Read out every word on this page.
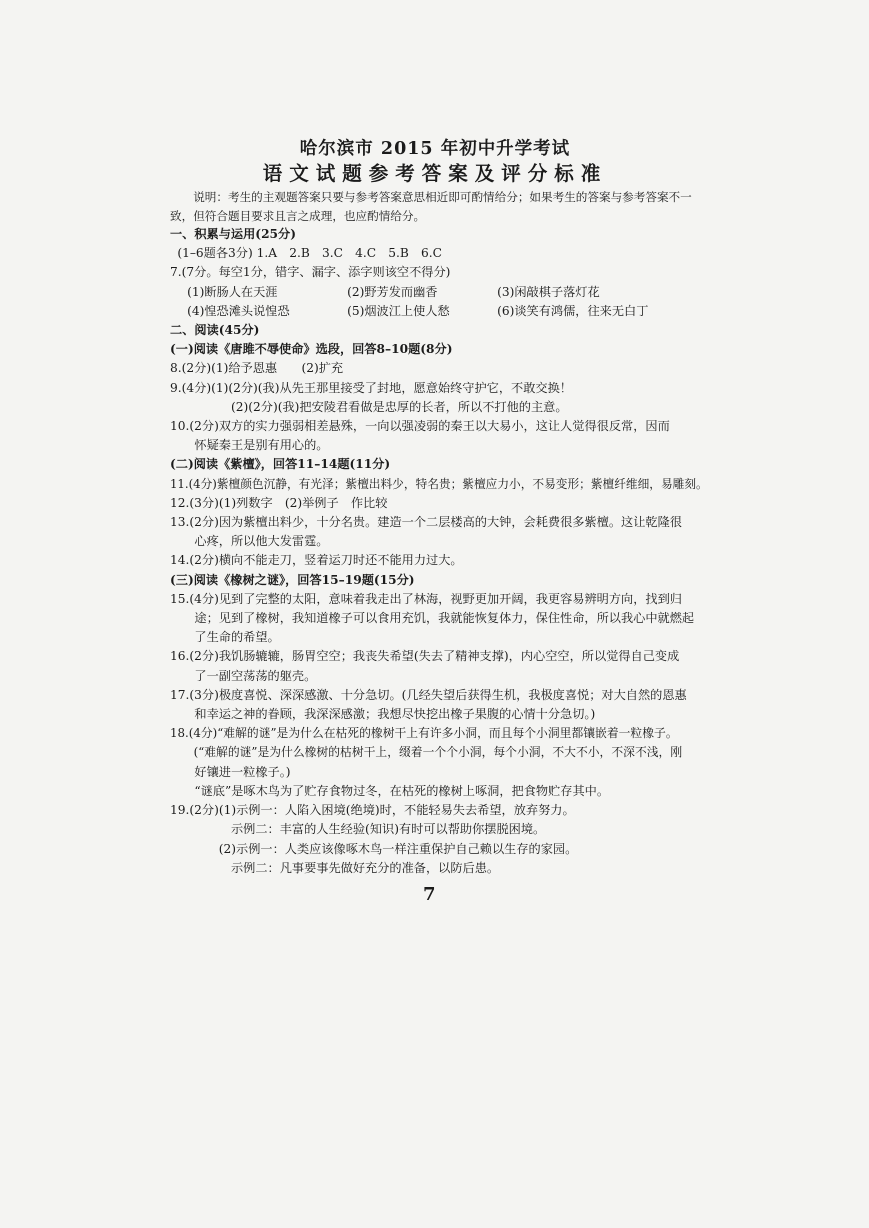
哈尔滨市 2015 年初中升学考试
语文试题参考答案及评分标准
说明：考生的主观题答案只要与参考答案意思相近即可酌情给分；如果考生的答案与参考答案不一致，但符合题目要求且言之成理，也应酌情给分。
一、积累与运用(25分)
(1–6题各3分) 1.A　2.B　3.C　4.C　5.B　6.C
7.(7分。每空1分，错字、漏字、添字则该空不得分)
(1)断肠人在天涯	(2)野芳发而幽香	(3)闲敲棋子落灯花
(4)惶恐滩头说惶恐	(5)烟波江上使人愁	(6)谈笑有鸿儒，往来无白丁
二、阅读(45分)
(一)阅读《唐雎不辱使命》选段，回答8–10题(8分)
8.(2分)(1)给予恩惠　　(2)扩充
9.(4分)(1)(2分)(我)从先王那里接受了封地，愿意始终守护它，不敢交换！
(2)(2分)(我)把安陵君看做是忠厚的长者，所以不打他的主意。
10.(2分)双方的实力强弱相差悬殊，一向以强凌弱的秦王以大易小，这让人觉得很反常，因而
怀疑秦王是别有用心的。
(二)阅读《紫檀》，回答11–14题(11分)
11.(4分)紫檀颜色沉静，有光泽；紫檀出料少，特名贵；紫檀应力小，不易变形；紫檀纤维细，易雕刻。
12.(3分)(1)列数字　(2)举例子　作比较
13.(2分)因为紫檀出料少，十分名贵。建造一个二层楼高的大钟，会耗费很多紫檀。这让乾隆很
心疼，所以他大发雷霆。
14.(2分)横向不能走刀，竖着运刀时还不能用力过大。
(三)阅读《橡树之谜》，回答15–19题(15分)
15.(4分)见到了完整的太阳，意味着我走出了林海，视野更加开阔，我更容易辨明方向，找到归
途；见到了橡树，我知道橡子可以食用充饥，我就能恢复体力，保住性命，所以我心中就燃起
了生命的希望。
16.(2分)我饥肠辘辘，肠胃空空；我丧失希望(失去了精神支撑)，内心空空，所以觉得自己变成
了一副空荡荡的躯壳。
17.(3分)极度喜悦、深深感激、十分急切。(几经失望后获得生机，我极度喜悦；对大自然的恩惠
和幸运之神的眷顾，我深深感激；我想尽快挖出橡子果腹的心情十分急切。)
18.(4分)“难解的谜”是为什么在枯死的橡树干上有许多小洞，而且每个小洞里都镶嵌着一粒橡子。
(“难解的谜”是为什么橡树的枯树干上，缀着一个个小洞，每个小洞，不大不小，不深不浅，刚
好镶进一粒橡子。)
“谜底”是啄木鸟为了贮存食物过冬，在枯死的橡树上啄洞，把食物贮存其中。
19.(2分)(1)示例一：人陷入困境(绝境)时，不能轻易失去希望，放弃努力。
示例二：丰富的人生经验(知识)有时可以帮助你摆脱困境。
(2)示例一：人类应该像啄木鸟一样注重保护自己赖以生存的家园。
示例二：凡事要事先做好充分的准备，以防后患。
7
